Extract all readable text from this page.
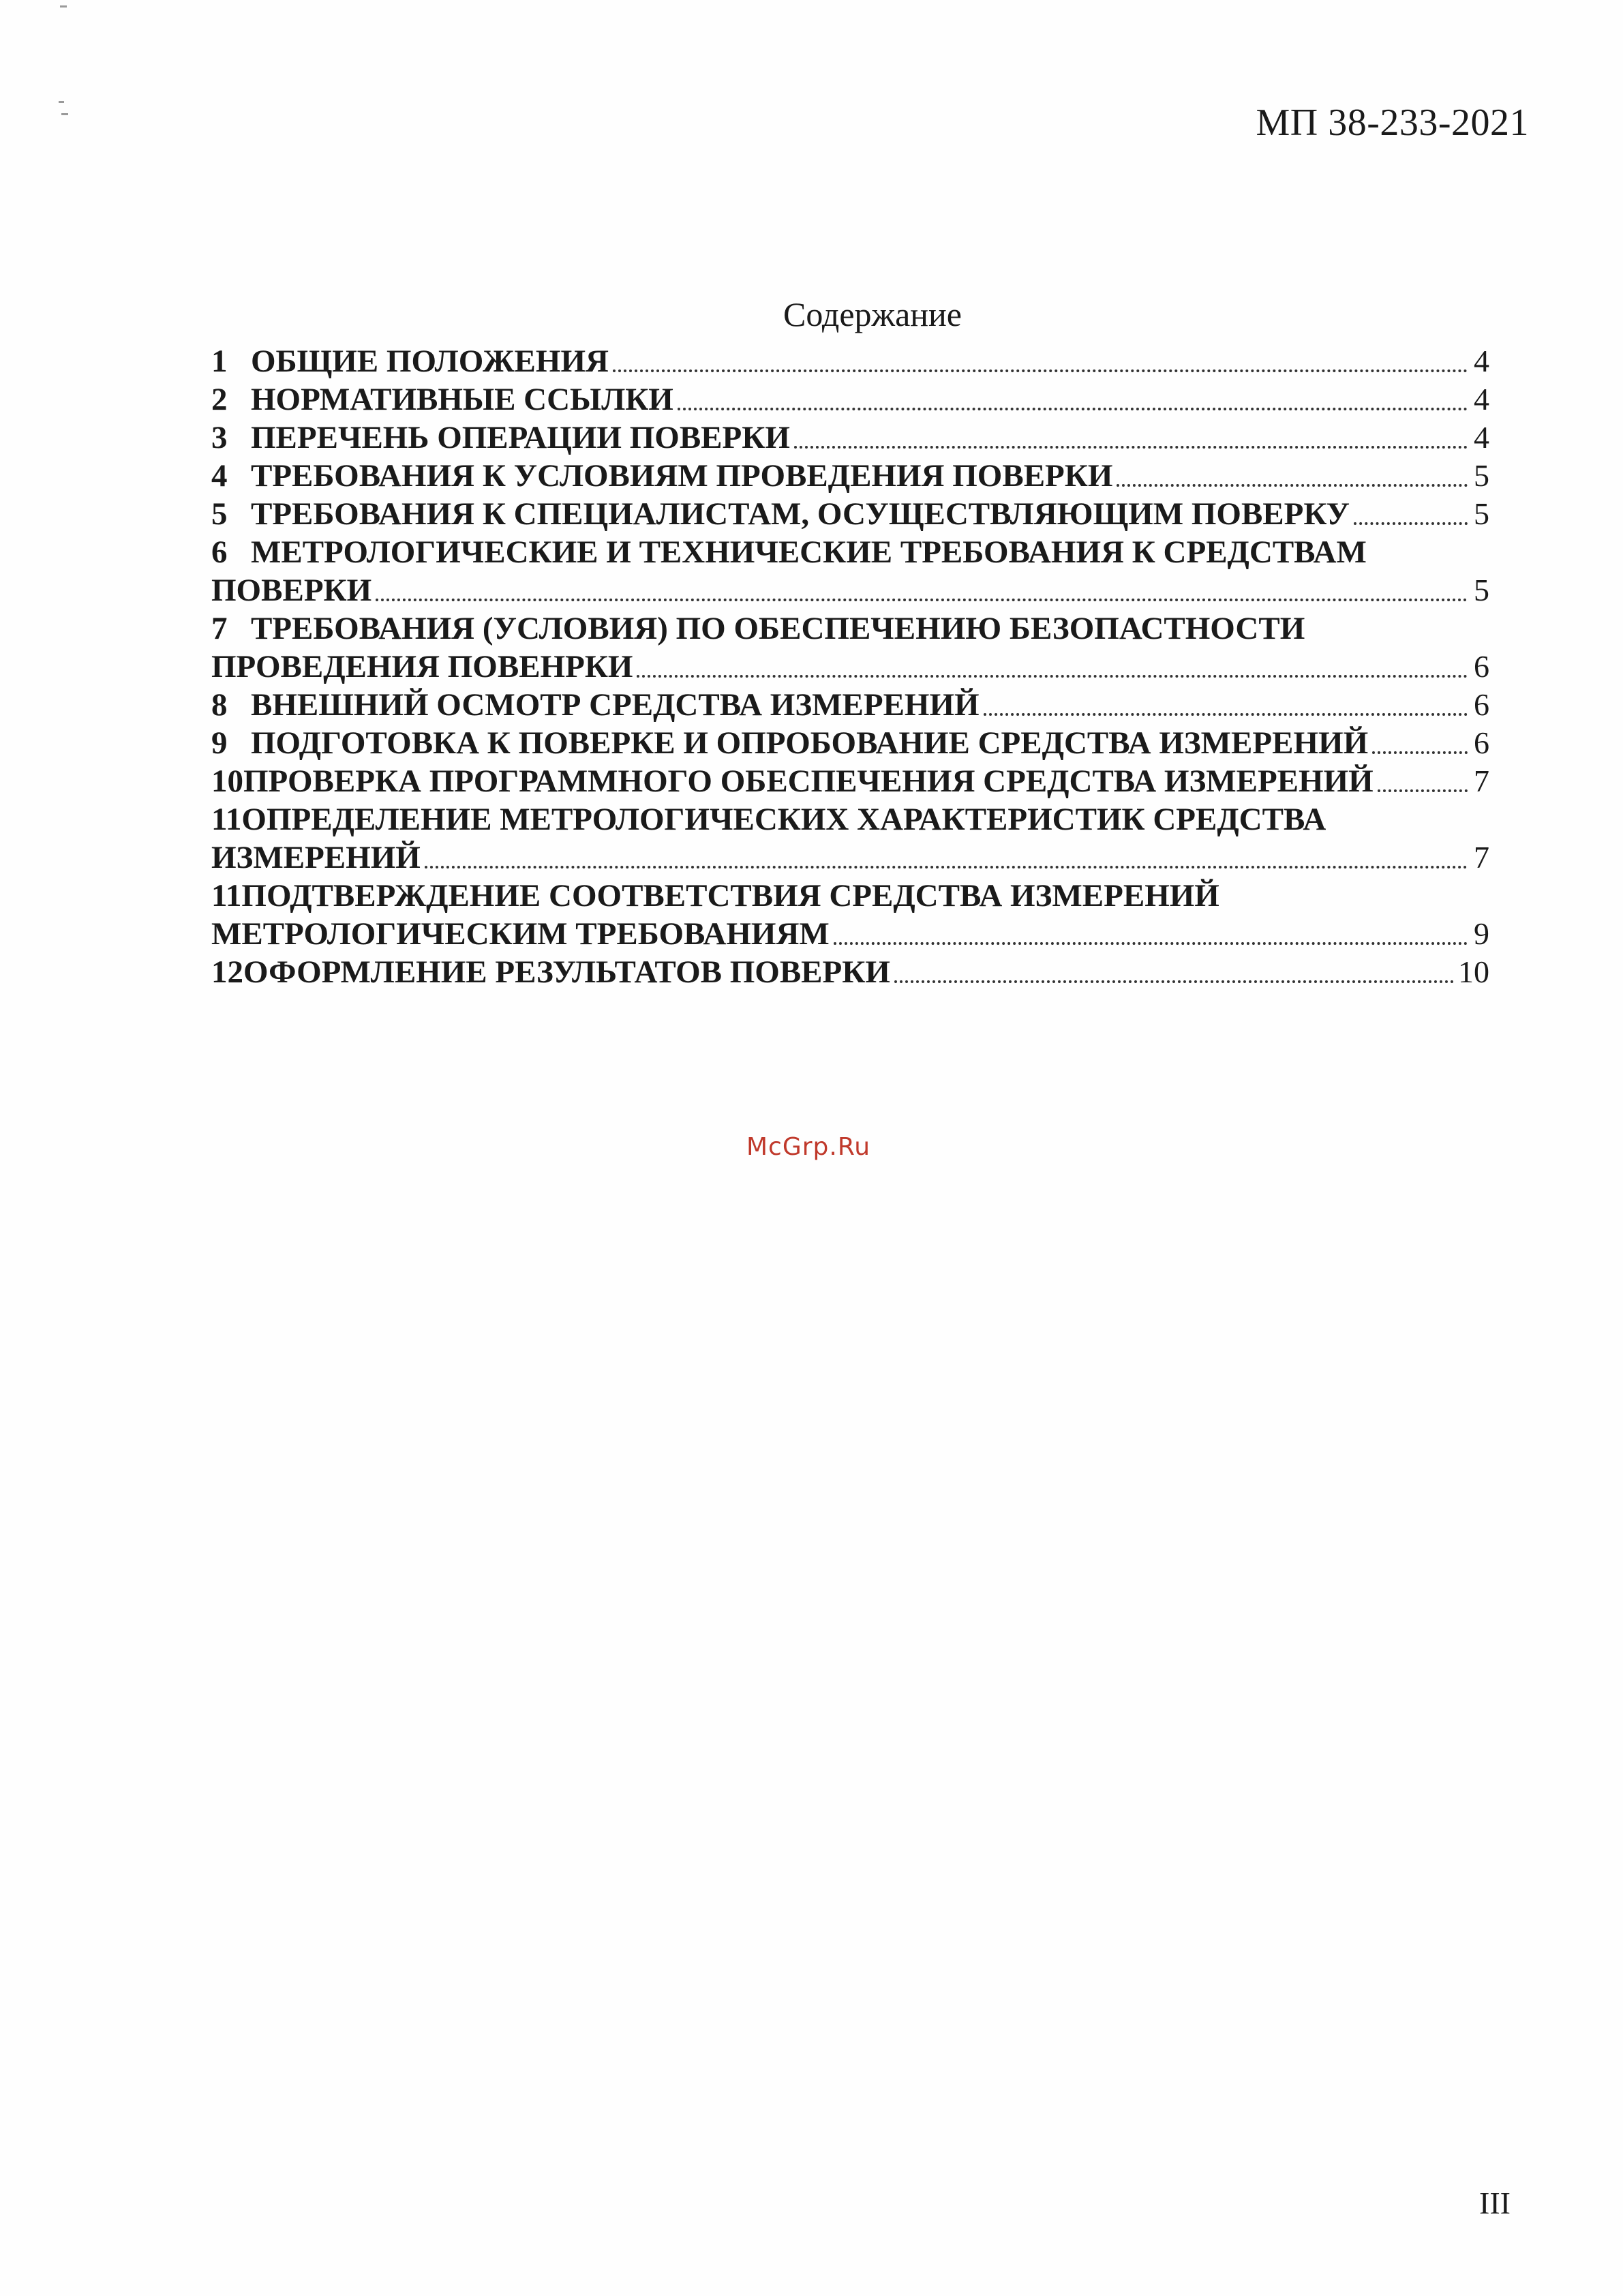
МП 38-233-2021
Содержание
1 ОБЩИЕ ПОЛОЖЕНИЯ	4
2 НОРМАТИВНЫЕ ССЫЛКИ	4
3 ПЕРЕЧЕНЬ ОПЕРАЦИИ ПОВЕРКИ	4
4 ТРЕБОВАНИЯ К УСЛОВИЯМ ПРОВЕДЕНИЯ ПОВЕРКИ	5
5 ТРЕБОВАНИЯ К СПЕЦИАЛИСТАМ, ОСУЩЕСТВЛЯЮЩИМ ПОВЕРКУ	5
6 МЕТРОЛОГИЧЕСКИЕ И ТЕХНИЧЕСКИЕ ТРЕБОВАНИЯ К СРЕДСТВАМ
ПОВЕРКИ	5
7 ТРЕБОВАНИЯ (УСЛОВИЯ) ПО ОБЕСПЕЧЕНИЮ БЕЗОПАСТНОСТИ
ПРОВЕДЕНИЯ ПОВЕНРКИ	6
8 ВНЕШНИЙ ОСМОТР СРЕДСТВА ИЗМЕРЕНИЙ	6
9 ПОДГОТОВКА К ПОВЕРКЕ И ОПРОБОВАНИЕ СРЕДСТВА ИЗМЕРЕНИЙ	6
10 ПРОВЕРКА ПРОГРАММНОГО ОБЕСПЕЧЕНИЯ СРЕДСТВА ИЗМЕРЕНИЙ	7
11 ОПРЕДЕЛЕНИЕ МЕТРОЛОГИЧЕСКИХ ХАРАКТЕРИСТИК СРЕДСТВА
ИЗМЕРЕНИЙ	7
11 ПОДТВЕРЖДЕНИЕ СООТВЕТСТВИЯ СРЕДСТВА ИЗМЕРЕНИЙ
МЕТРОЛОГИЧЕСКИМ ТРЕБОВАНИЯМ	9
12 ОФОРМЛЕНИЕ РЕЗУЛЬТАТОВ ПОВЕРКИ	10
McGrp.Ru
III
